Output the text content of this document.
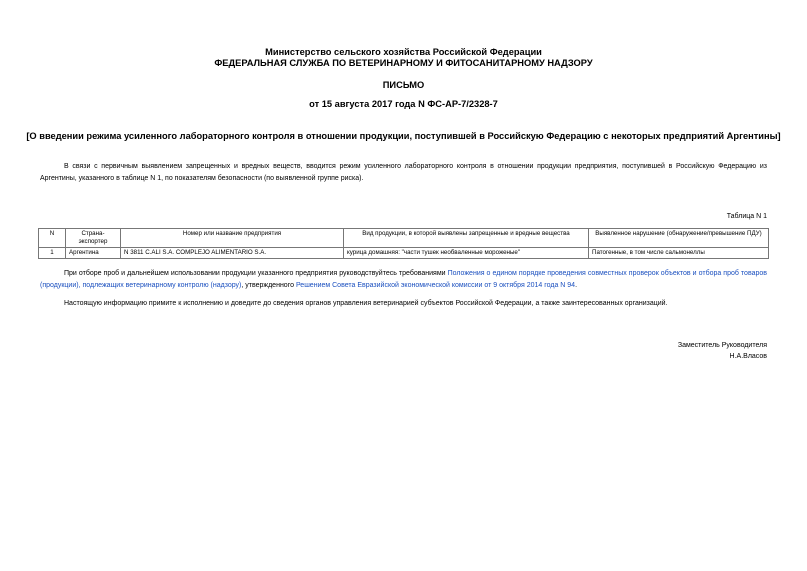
Министерство сельского хозяйства Российской Федерации
ФЕДЕРАЛЬНАЯ СЛУЖБА ПО ВЕТЕРИНАРНОМУ И ФИТОСАНИТАРНОМУ НАДЗОРУ
ПИСЬМО
от 15 августа 2017 года N ФС-АР-7/2328-7
[О введении режима усиленного лабораторного контроля в отношении продукции, поступившей в Российскую Федерацию с некоторых предприятий Аргентины]
В связи с первичным выявлением запрещенных и вредных веществ, вводится режим усиленного лабораторного контроля в отношении продукции предприятия, поступившей в Российскую Федерацию из Аргентины, указанного в таблице N 1, по показателям безопасности (по выявленной группе риска).
Таблица N 1
N	Страна-экспортер	Номер или название предприятия	Вид продукции, в которой выявлены запрещенные и вредные вещества	Выявленное нарушение (обнаружение/превышение ПДУ)
1	Аргентина	N 3811 C.ALI S.A. COMPLEJO ALIMENTARIO S.A.	курица домашняя: "части тушек необваленные мороженые"	Патогенные, в том числе сальмонеллы
При отборе проб и дальнейшем использовании продукции указанного предприятия руководствуйтесь требованиями Положения о едином порядке проведения совместных проверок объектов и отбора проб товаров (продукции), подлежащих ветеринарному контролю (надзору), утвержденного Решением Совета Евразийской экономической комиссии от 9 октября 2014 года N 94.
Настоящую информацию примите к исполнению и доведите до сведения органов управления ветеринарией субъектов Российской Федерации, а также заинтересованных организаций.
Заместитель Руководителя
Н.А.Власов
